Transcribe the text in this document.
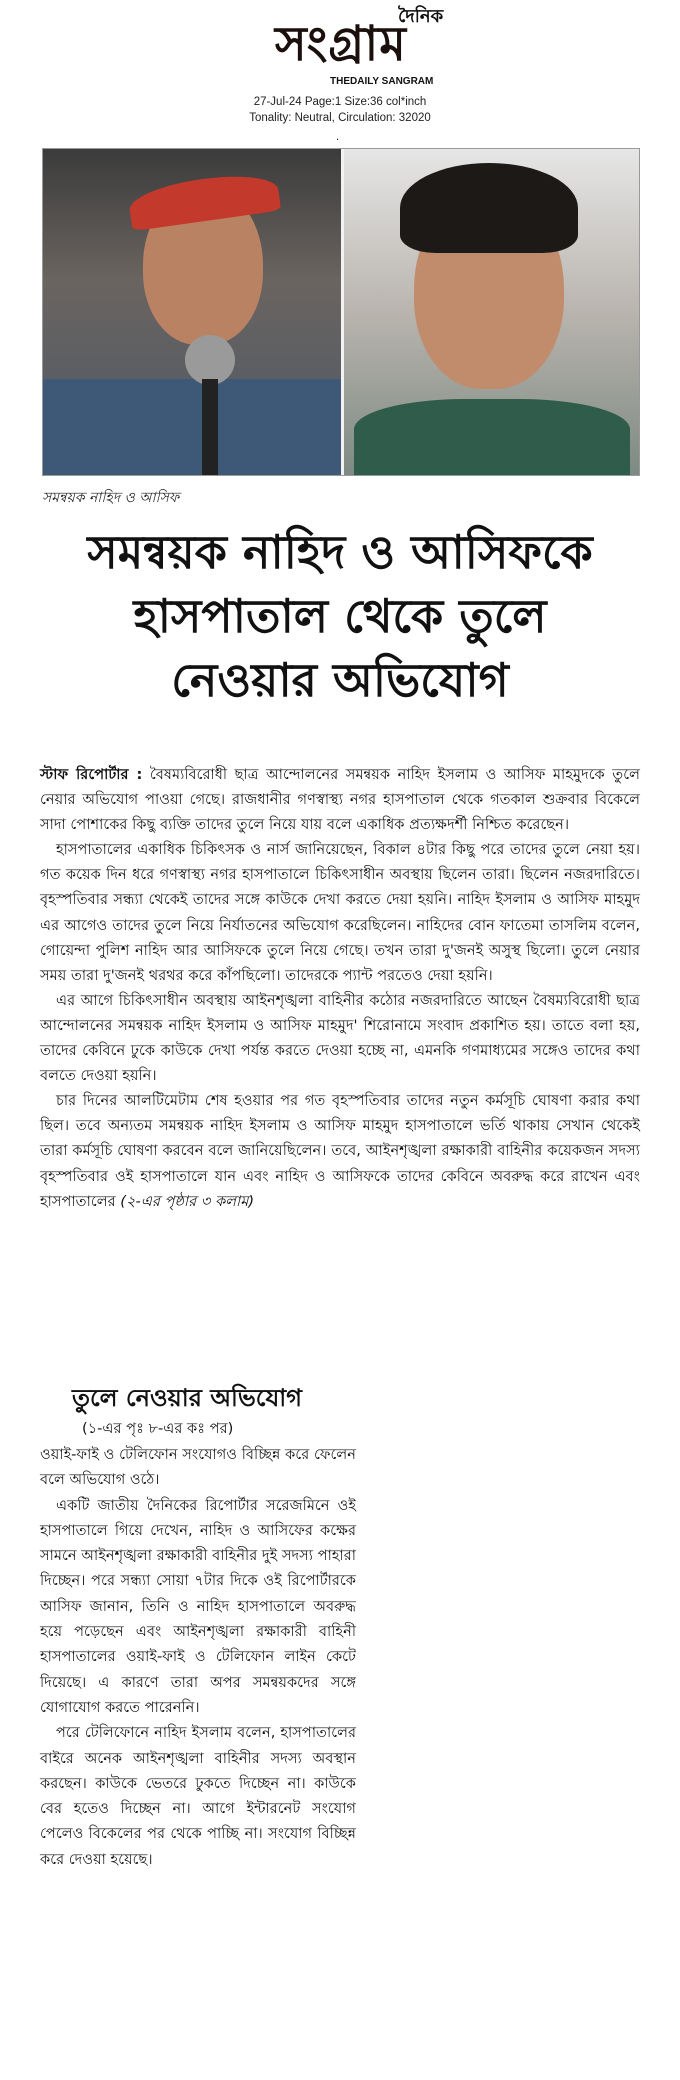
দৈনিক
সংগ্রাম
THEDAILY SANGRAM
27-Jul-24 Page:1 Size:36 col*inch
Tonality: Neutral, Circulation: 32020
.
সমন্বয়ক নাহিদ ও আসিফ
সমন্বয়ক নাহিদ ও আসিফকে
হাসপাতাল থেকে তুলে
নেওয়ার অভিযোগ

স্টাফ রিপোর্টার : বৈষম্যবিরোধী ছাত্র আন্দোলনের সমন্বয়ক নাহিদ ইসলাম ও আসিফ মাহমুদকে তুলে নেয়ার অভিযোগ পাওয়া গেছে। রাজধানীর গণস্বাস্থ্য নগর হাসপাতাল থেকে গতকাল শুক্রবার বিকেলে সাদা পোশাকের কিছু ব্যক্তি তাদের তুলে নিয়ে যায় বলে একাধিক প্রত্যক্ষদর্শী নিশ্চিত করেছেন।

হাসপাতালের একাধিক চিকিৎসক ও নার্স জানিয়েছেন, বিকাল ৪টার কিছু পরে তাদের তুলে নেয়া হয়। গত কয়েক দিন ধরে গণস্বাস্থ্য নগর হাসপাতালে চিকিৎসাধীন অবস্থায় ছিলেন তারা। ছিলেন নজরদারিতে। বৃহস্পতিবার সন্ধ্যা থেকেই তাদের সঙ্গে কাউকে দেখা করতে দেয়া হয়নি। নাহিদ ইসলাম ও আসিফ মাহমুদ এর আগেও তাদের তুলে নিয়ে নির্যাতনের অভিযোগ করেছিলেন। নাহিদের বোন ফাতেমা তাসলিম বলেন, গোয়েন্দা পুলিশ নাহিদ আর আসিফকে তুলে নিয়ে গেছে। তখন তারা দু'জনই অসুস্থ ছিলো। তুলে নেয়ার সময় তারা দু'জনই থরথর করে কাঁপছিলো। তাদেরকে প্যান্ট পরতেও দেয়া হয়নি।

এর আগে চিকিৎসাধীন অবস্থায় আইনশৃঙ্খলা বাহিনীর কঠোর নজরদারিতে আছেন বৈষম্যবিরোধী ছাত্র আন্দোলনের সমন্বয়ক নাহিদ ইসলাম ও আসিফ মাহমুদ' শিরোনামে সংবাদ প্রকাশিত হয়। তাতে বলা হয়, তাদের কেবিনে ঢুকে কাউকে দেখা পর্যন্ত করতে দেওয়া হচ্ছে না, এমনকি গণমাধ্যমের সঙ্গেও তাদের কথা বলতে দেওয়া হয়নি।

চার দিনের আলটিমেটাম শেষ হওয়ার পর গত বৃহস্পতিবার তাদের নতুন কর্মসূচি ঘোষণা করার কথা ছিল। তবে অন্যতম সমন্বয়ক নাহিদ ইসলাম ও আসিফ মাহমুদ হাসপাতালে ভর্তি থাকায় সেখান থেকেই তারা কর্মসূচি ঘোষণা করবেন বলে জানিয়েছিলেন। তবে, আইনশৃঙ্খলা রক্ষাকারী বাহিনীর কয়েকজন সদস্য বৃহস্পতিবার ওই হাসপাতালে যান এবং নাহিদ ও আসিফকে তাদের কেবিনে অবরুদ্ধ করে রাখেন এবং হাসপাতালের (২-এর পৃষ্ঠার ৩ কলাম)

তুলে নেওয়ার অভিযোগ
(১-এর পৃঃ ৮-এর কঃ পর)

ওয়াই-ফাই ও টেলিফোন সংযোগও বিচ্ছিন্ন করে ফেলেন বলে অভিযোগ ওঠে।

একটি জাতীয় দৈনিকের রিপোর্টার সরেজমিনে ওই হাসপাতালে গিয়ে দেখেন, নাহিদ ও আসিফের কক্ষের সামনে আইনশৃঙ্খলা রক্ষাকারী বাহিনীর দুই সদস্য পাহারা দিচ্ছেন। পরে সন্ধ্যা সোয়া ৭টার দিকে ওই রিপোর্টারকে আসিফ জানান, তিনি ও নাহিদ হাসপাতালে অবরুদ্ধ হয়ে পড়েছেন এবং আইনশৃঙ্খলা রক্ষাকারী বাহিনী হাসপাতালের ওয়াই-ফাই ও টেলিফোন লাইন কেটে দিয়েছে। এ কারণে তারা অপর সমন্বয়কদের সঙ্গে যোগাযোগ করতে পারেননি।

পরে টেলিফোনে নাহিদ ইসলাম বলেন, হাসপাতালের বাইরে অনেক আইনশৃঙ্খলা বাহিনীর সদস্য অবস্থান করছেন। কাউকে ভেতরে ঢুকতে দিচ্ছেন না। কাউকে বের হতেও দিচ্ছেন না। আগে ইন্টারনেট সংযোগ পেলেও বিকেলের পর থেকে পাচ্ছি না। সংযোগ বিচ্ছিন্ন করে দেওয়া হয়েছে।
